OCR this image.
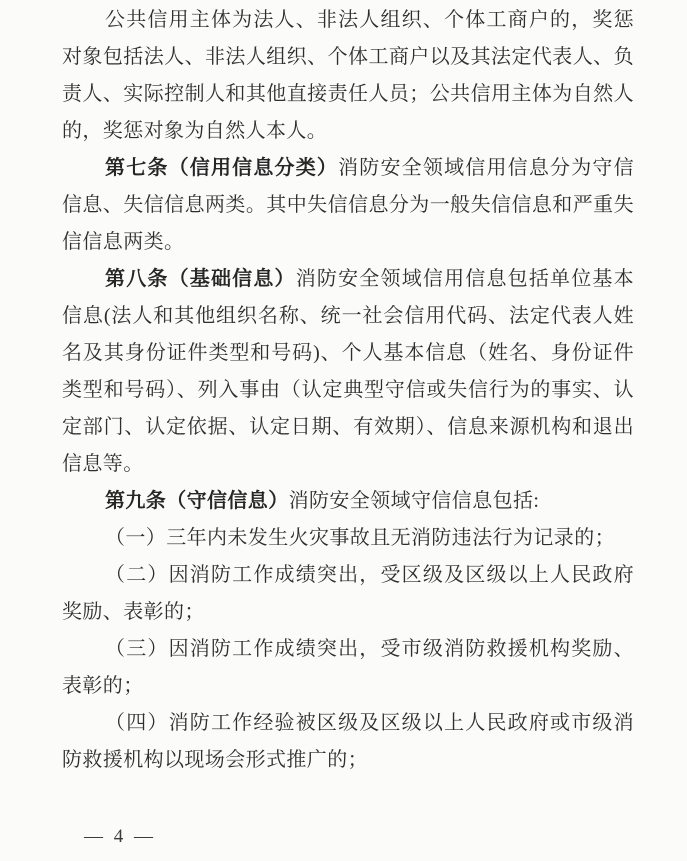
公共信用主体为法人、非法人组织、个体工商户的，奖惩对象包括法人、非法人组织、个体工商户以及其法定代表人、负责人、实际控制人和其他直接责任人员；公共信用主体为自然人的，奖惩对象为自然人本人。

第七条（信用信息分类）消防安全领域信用信息分为守信信息、失信信息两类。其中失信信息分为一般失信信息和严重失信信息两类。

第八条（基础信息）消防安全领域信用信息包括单位基本信息(法人和其他组织名称、统一社会信用代码、法定代表人姓名及其身份证件类型和号码)、个人基本信息（姓名、身份证件类型和号码）、列入事由（认定典型守信或失信行为的事实、认定部门、认定依据、认定日期、有效期）、信息来源机构和退出信息等。

第九条（守信信息）消防安全领域守信信息包括:

（一）三年内未发生火灾事故且无消防违法行为记录的；

（二）因消防工作成绩突出，受区级及区级以上人民政府奖励、表彰的；

（三）因消防工作成绩突出，受市级消防救援机构奖励、表彰的；

（四）消防工作经验被区级及区级以上人民政府或市级消防救援机构以现场会形式推广的；

— 4 —
